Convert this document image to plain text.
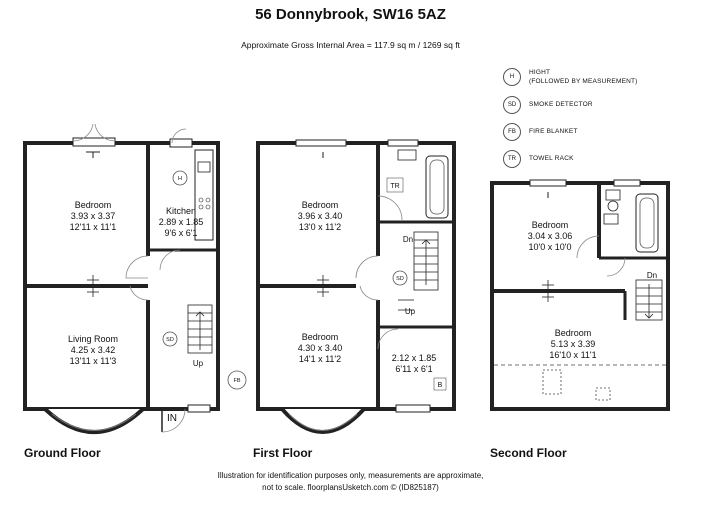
56 Donnybrook, SW16 5AZ
Approximate Gross Internal Area = 117.9 sq m / 1269 sq ft
H
HIGHT
(FOLLOWED BY MEASUREMENT)
SD	SMOKE DETECTOR
FB	FIRE BLANKET
TR	TOWEL RACK
H
SD
FB
Bedroom
3.93 x 3.37
12'11 x 11'1
Kitchen
2.89 x 1.85
9'6 x 6'1
Living Room
4.25 x 3.42
13'11 x 11'3	Up
IN
SD
TR
B
Bedroom
3.96 x 3.40
13'0 x 11'2
Bedroom
4.30 x 3.40
14'1 x 11'2	2.12 x 1.85
6'11 x 6'1
Dn
Up
Bedroom
3.04 x 3.06
10'0 x 10'0
Bedroom
5.13 x 3.39
16'10 x 11'1
Dn
Ground Floor	First Floor	Second Floor
Illustration for identification purposes only, measurements are approximate,
not to scale. floorplansUsketch.com © (ID825187)
